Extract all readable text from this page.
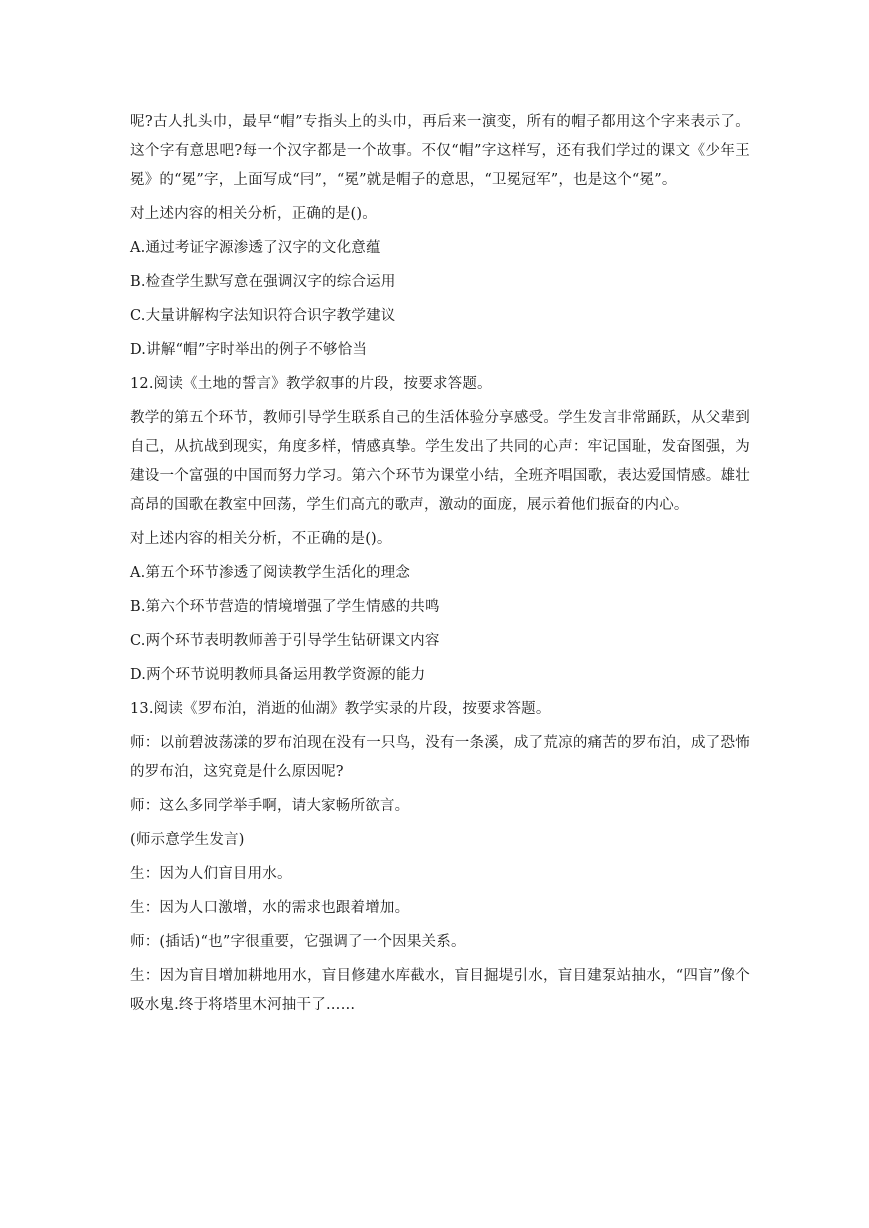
呢?古人扎头巾，最早“帽”专指头上的头巾，再后来一演变，所有的帽子都用这个字来表示了。这个字有意思吧?每一个汉字都是一个故事。不仅“帽”字这样写，还有我们学过的课文《少年王冕》的“冕”字，上面写成“冃”，“冕”就是帽子的意思，“卫冕冠军”，也是这个“冕”。

对上述内容的相关分析，正确的是()。

A.通过考证字源渗透了汉字的文化意蕴

B.检查学生默写意在强调汉字的综合运用

C.大量讲解构字法知识符合识字教学建议

D.讲解“帽”字时举出的例子不够恰当

12.阅读《土地的誓言》教学叙事的片段，按要求答题。

教学的第五个环节，教师引导学生联系自己的生活体验分享感受。学生发言非常踊跃，从父辈到自己，从抗战到现实，角度多样，情感真挚。学生发出了共同的心声：牢记国耻，发奋图强，为建设一个富强的中国而努力学习。第六个环节为课堂小结，全班齐唱国歌，表达爱国情感。雄壮高昂的国歌在教室中回荡，学生们高亢的歌声，激动的面庞，展示着他们振奋的内心。

对上述内容的相关分析，不正确的是()。

A.第五个环节渗透了阅读教学生活化的理念

B.第六个环节营造的情境增强了学生情感的共鸣

C.两个环节表明教师善于引导学生钻研课文内容

D.两个环节说明教师具备运用教学资源的能力

13.阅读《罗布泊，消逝的仙湖》教学实录的片段，按要求答题。

师：以前碧波荡漾的罗布泊现在没有一只鸟，没有一条溪，成了荒凉的痛苦的罗布泊，成了恐怖的罗布泊，这究竟是什么原因呢?

师：这么多同学举手啊，请大家畅所欲言。

(师示意学生发言)

生：因为人们盲目用水。

生：因为人口激增，水的需求也跟着增加。

师：(插话)“也”字很重要，它强调了一个因果关系。

生：因为盲目增加耕地用水，盲目修建水库截水，盲目掘堤引水，盲目建泵站抽水，“四盲”像个吸水鬼.终于将塔里木河抽干了……
